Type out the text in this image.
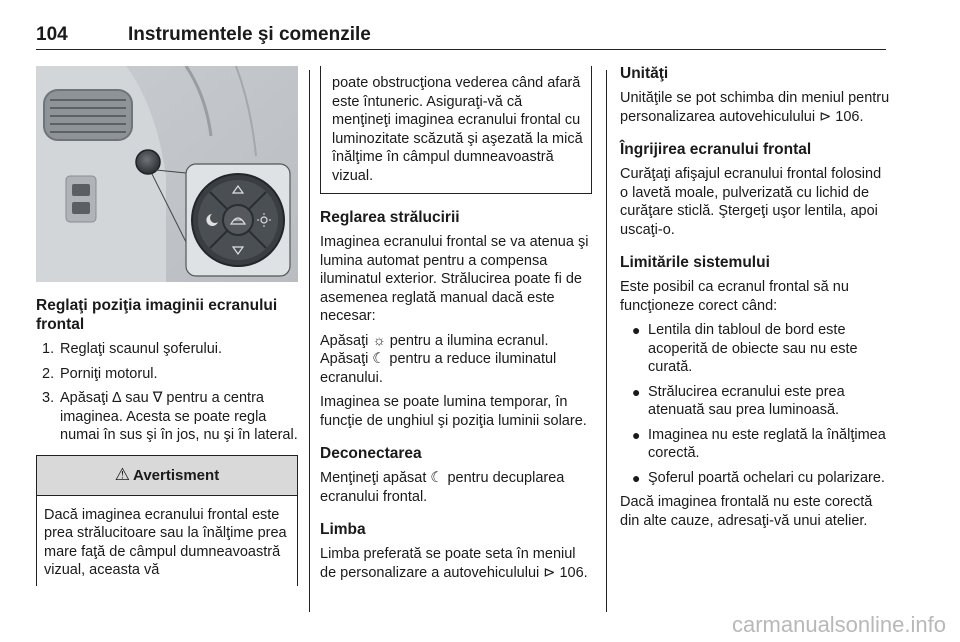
104	Instrumentele şi comenzile
Reglaţi poziţia imaginii ecranului frontal
1. Reglaţi scaunul şoferului.
2. Porniţi motorul.
3. Apăsaţi ∆ sau ∇ pentru a centra imaginea. Acesta se poate regla numai în sus şi în jos, nu şi în lateral.
⚠ Avertisment
Dacă imaginea ecranului frontal este prea strălucitoare sau la înălţime prea mare faţă de câmpul dumneavoastră vizual, aceasta vă
poate obstrucţiona vederea când afară este întuneric. Asiguraţi-vă că menţineţi imaginea ecranului frontal cu luminozitate scăzută şi aşezată la mică înălţime în câmpul dumneavoastră vizual.
Reglarea strălucirii

Imaginea ecranului frontal se va atenua şi lumina automat pentru a compensa iluminatul exterior. Strălucirea poate fi de asemenea reglată manual dacă este necesar:

Apăsaţi ☼ pentru a ilumina ecranul. Apăsaţi ☾ pentru a reduce iluminatul ecranului.

Imaginea se poate lumina temporar, în funcţie de unghiul şi poziţia luminii solare.

Deconectarea

Menţineţi apăsat ☾ pentru decuplarea ecranului frontal.

Limba

Limba preferată se poate seta în meniul de personalizare a autovehiculului ⊳ 106.

Unităţi

Unităţile se pot schimba din meniul pentru personalizarea autovehiculului ⊳ 106.

Îngrijirea ecranului frontal

Curăţaţi afişajul ecranului frontal folosind o lavetă moale, pulverizată cu lichid de curăţare sticlă. Ştergeţi uşor lentila, apoi uscaţi-o.

Limitările sistemului

Este posibil ca ecranul frontal să nu funcţioneze corect când:

● Lentila din tabloul de bord este acoperită de obiecte sau nu este curată.
● Strălucirea ecranului este prea atenuată sau prea luminoasă.
● Imaginea nu este reglată la înălţimea corectă.
● Şoferul poartă ochelari cu polarizare.

Dacă imaginea frontală nu este corectă din alte cauze, adresaţi-vă unui atelier.

carmanualsonline.info
